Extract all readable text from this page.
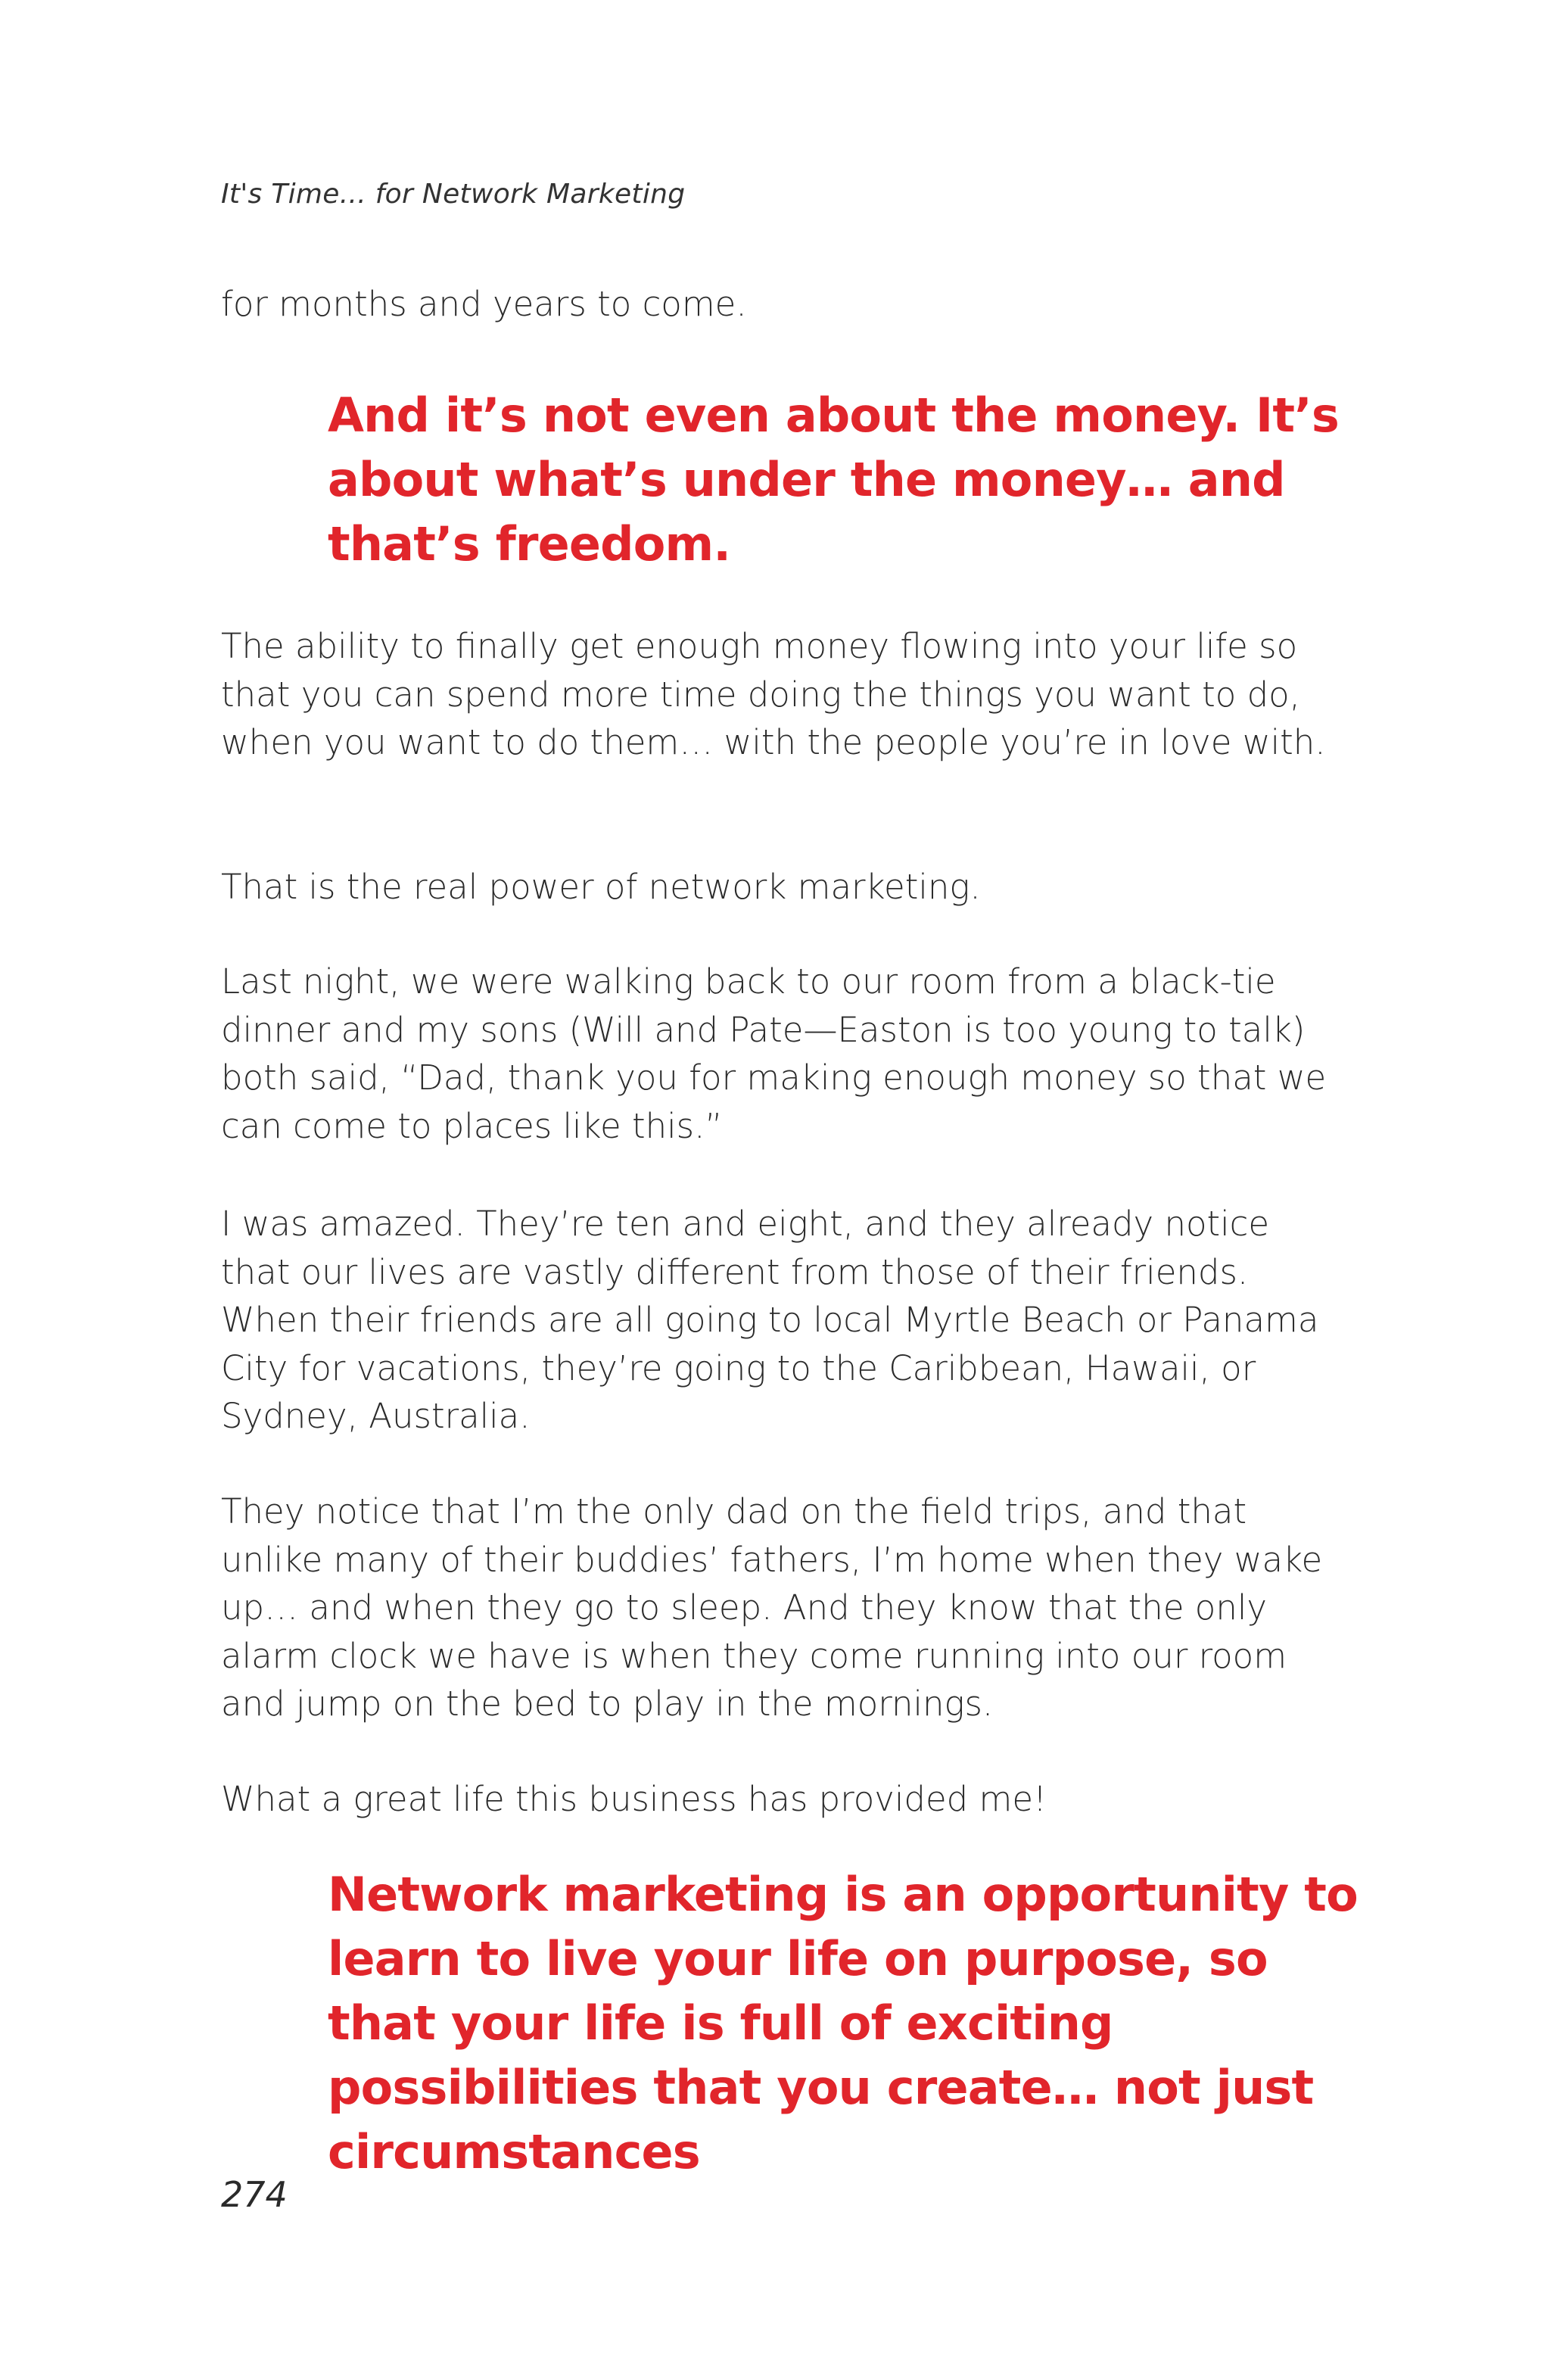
It's Time... for Network Marketing

for months and years to come.

And it’s not even about the money. It’s about what’s under the money… and that’s freedom.

The ability to finally get enough money flowing into your life so that you can spend more time doing the things you want to do, when you want to do them… with the people you’re in love with.

That is the real power of network marketing.

Last night, we were walking back to our room from a black-tie dinner and my sons (Will and Pate—Easton is too young to talk) both said, “Dad, thank you for making enough money so that we can come to places like this.”

I was amazed. They’re ten and eight, and they already notice that our lives are vastly different from those of their friends. When their friends are all going to local Myrtle Beach or Panama City for vacations, they’re going to the Caribbean, Hawaii, or Sydney, Australia.

They notice that I’m the only dad on the field trips, and that unlike many of their buddies’ fathers, I’m home when they wake up… and when they go to sleep. And they know that the only alarm clock we have is when they come running into our room and jump on the bed to play in the mornings.

What a great life this business has provided me!

Network marketing is an opportunity to learn to live your life on purpose, so that your life is full of exciting possibilities that you create… not just circumstances

274
